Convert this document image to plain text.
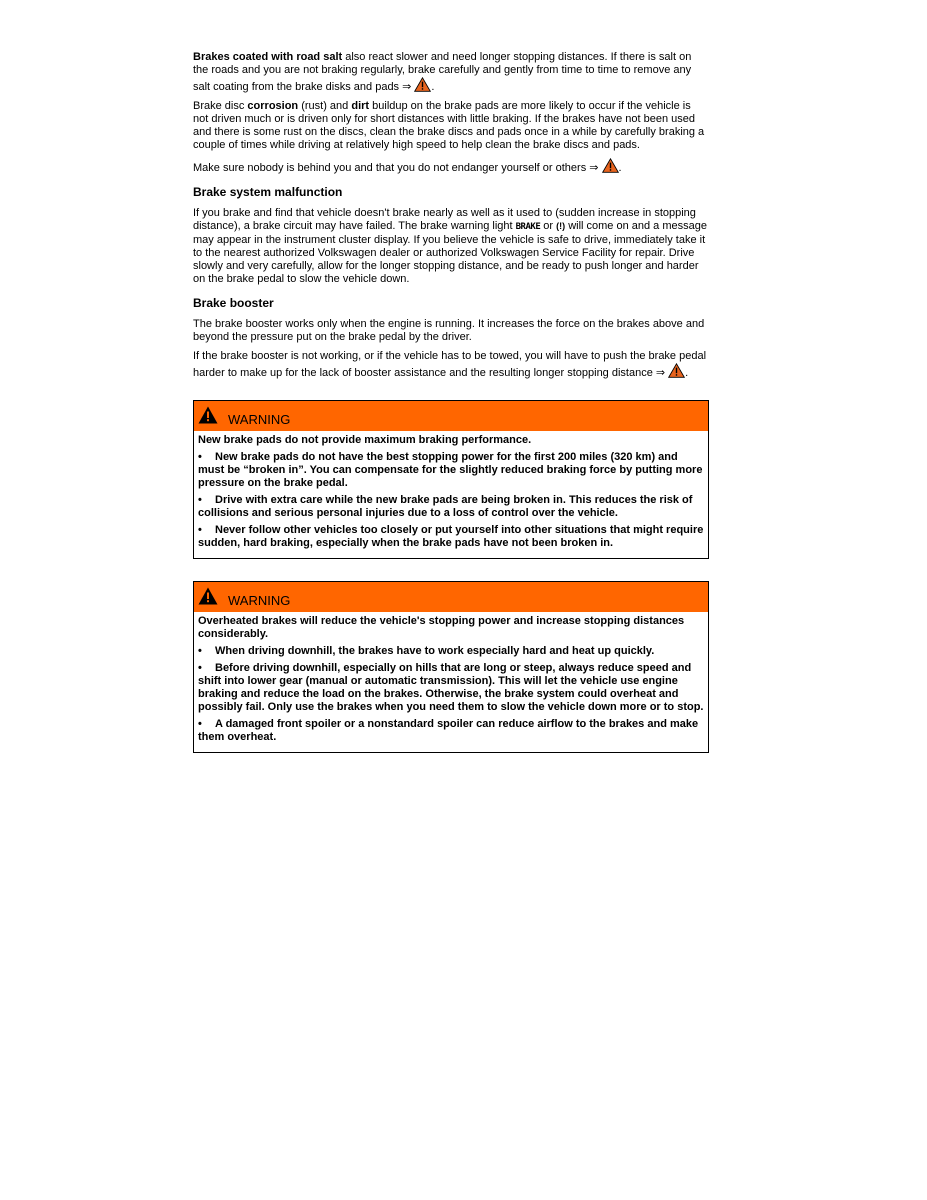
Brakes coated with road salt also react slower and need longer stopping distances. If there is salt on the roads and you are not braking regularly, brake carefully and gently from time to time to remove any salt coating from the brake disks and pads ⇒ .

Brake disc corrosion (rust) and dirt buildup on the brake pads are more likely to occur if the vehicle is not driven much or is driven only for short distances with little braking. If the brakes have not been used and there is some rust on the discs, clean the brake discs and pads once in a while by carefully braking a couple of times while driving at relatively high speed to help clean the brake discs and pads.

Make sure nobody is behind you and that you do not endanger yourself or others ⇒ .

Brake system malfunction

If you brake and find that vehicle doesn't brake nearly as well as it used to (sudden increase in stopping distance), a brake circuit may have failed. The brake warning light BRAKE or (!) will come on and a message may appear in the instrument cluster display. If you believe the vehicle is safe to drive, immediately take it to the nearest authorized Volkswagen dealer or authorized Volkswagen Service Facility for repair. Drive slowly and very carefully, allow for the longer stopping distance, and be ready to push longer and harder on the brake pedal to slow the vehicle down.

Brake booster

The brake booster works only when the engine is running. It increases the force on the brakes above and beyond the pressure put on the brake pedal by the driver.

If the brake booster is not working, or if the vehicle has to be towed, you will have to push the brake pedal harder to make up for the lack of booster assistance and the resulting longer stopping distance ⇒ .

WARNING

New brake pads do not provide maximum braking performance.

• New brake pads do not have the best stopping power for the first 200 miles (320 km) and must be “broken in”. You can compensate for the slightly reduced braking force by putting more pressure on the brake pedal.

• Drive with extra care while the new brake pads are being broken in. This reduces the risk of collisions and serious personal injuries due to a loss of control over the vehicle.

• Never follow other vehicles too closely or put yourself into other situations that might require sudden, hard braking, especially when the brake pads have not been broken in.

WARNING

Overheated brakes will reduce the vehicle's stopping power and increase stopping distances considerably.

• When driving downhill, the brakes have to work especially hard and heat up quickly.

• Before driving downhill, especially on hills that are long or steep, always reduce speed and shift into lower gear (manual or automatic transmission). This will let the vehicle use engine braking and reduce the load on the brakes. Otherwise, the brake system could overheat and possibly fail. Only use the brakes when you need them to slow the vehicle down more or to stop.

• A damaged front spoiler or a nonstandard spoiler can reduce airflow to the brakes and make them overheat.
